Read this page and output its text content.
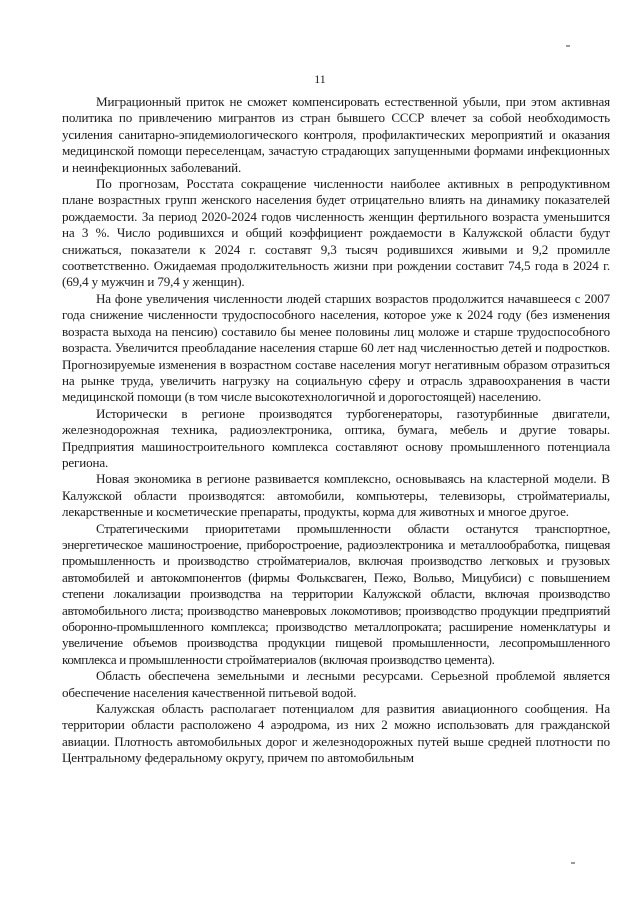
11

Миграционный приток не сможет компенсировать естественной убыли, при этом активная политика по привлечению мигрантов из стран бывшего СССР влечет за собой необходимость усиления санитарно-эпидемиологического контроля, профилактических мероприятий и оказания медицинской помощи переселенцам, зачастую страдающих запущенными формами инфекционных и неинфекционных заболеваний.

По прогнозам, Росстата сокращение численности наиболее активных в репродуктивном плане возрастных групп женского населения будет отрицательно влиять на динамику показателей рождаемости. За период 2020-2024 годов численность женщин фертильного возраста уменьшится на 3 %. Число родившихся и общий коэффициент рождаемости в Калужской области будут снижаться, показатели к 2024 г. составят 9,3 тысяч родившихся живыми и 9,2 промилле соответственно. Ожидаемая продолжительность жизни при рождении составит 74,5 года в 2024 г. (69,4 у мужчин и 79,4 у женщин).

На фоне увеличения численности людей старших возрастов продолжится начавшееся с 2007 года снижение численности трудоспособного населения, которое уже к 2024 году (без изменения возраста выхода на пенсию) составило бы менее половины лиц моложе и старше трудоспособного возраста. Увеличится преобладание населения старше 60 лет над численностью детей и подростков. Прогнозируемые изменения в возрастном составе населения могут негативным образом отразиться на рынке труда, увеличить нагрузку на социальную сферу и отрасль здравоохранения в части медицинской помощи (в том числе высокотехнологичной и дорогостоящей) населению.

Исторически в регионе производятся турбогенераторы, газотурбинные двигатели, железнодорожная техника, радиоэлектроника, оптика, бумага, мебель и другие товары. Предприятия машиностроительного комплекса составляют основу промышленного потенциала региона.

Новая экономика в регионе развивается комплексно, основываясь на кластерной модели. В Калужской области производятся: автомобили, компьютеры, телевизоры, стройматериалы, лекарственные и косметические препараты, продукты, корма для животных и многое другое.

Стратегическими приоритетами промышленности области останутся транспортное, энергетическое машиностроение, приборостроение, радиоэлектроника и металлообработка, пищевая промышленность и производство стройматериалов, включая производство легковых и грузовых автомобилей и автокомпонентов (фирмы Фольксваген, Пежо, Вольво, Мицубиси) с повышением степени локализации производства на территории Калужской области, включая производство автомобильного листа; производство маневровых локомотивов; производство продукции предприятий оборонно-промышленного комплекса; производство металлопроката; расширение номенклатуры и увеличение объемов производства продукции пищевой промышленности, лесопромышленного комплекса и промышленности стройматериалов (включая производство цемента).

Область обеспечена земельными и лесными ресурсами. Серьезной проблемой является обеспечение населения качественной питьевой водой.

Калужская область располагает потенциалом для развития авиационного сообщения. На территории области расположено 4 аэродрома, из них 2 можно использовать для гражданской авиации. Плотность автомобильных дорог и железнодорожных путей выше средней плотности по Центральному федеральному округу, причем по автомобильным
